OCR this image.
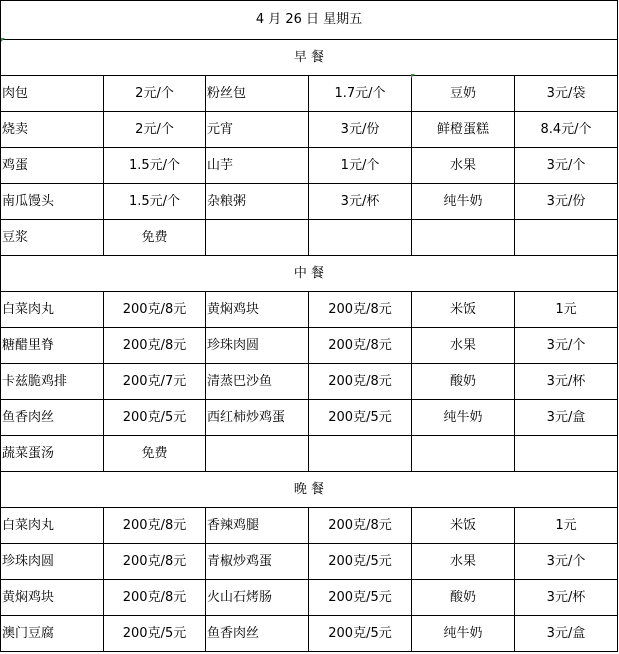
4 月 26 日 星期五					
早 餐					
肉包	2元/个	粉丝包	1.7元/个	豆奶	3元/袋
烧卖	2元/个	元宵	3元/份	鲜橙蛋糕	8.4元/个
鸡蛋	1.5元/个	山芋	1元/个	水果	3元/个
南瓜馒头	1.5元/个	杂粮粥	3元/杯	纯牛奶	3元/份
豆浆	免费				
中 餐					
白菜肉丸	200克/8元	黄焖鸡块	200克/8元	米饭	1元
糖醋里脊	200克/8元	珍珠肉圆	200克/8元	水果	3元/个
卡兹脆鸡排	200克/7元	清蒸巴沙鱼	200克/8元	酸奶	3元/杯
鱼香肉丝	200克/5元	西红柿炒鸡蛋	200克/5元	纯牛奶	3元/盒
蔬菜蛋汤	免费				
晚 餐					
白菜肉丸	200克/8元	香辣鸡腿	200克/8元	米饭	1元
珍珠肉圆	200克/8元	青椒炒鸡蛋	200克/5元	水果	3元/个
黄焖鸡块	200克/8元	火山石烤肠	200克/5元	酸奶	3元/杯
澳门豆腐	200克/5元	鱼香肉丝	200克/5元	纯牛奶	3元/盒
